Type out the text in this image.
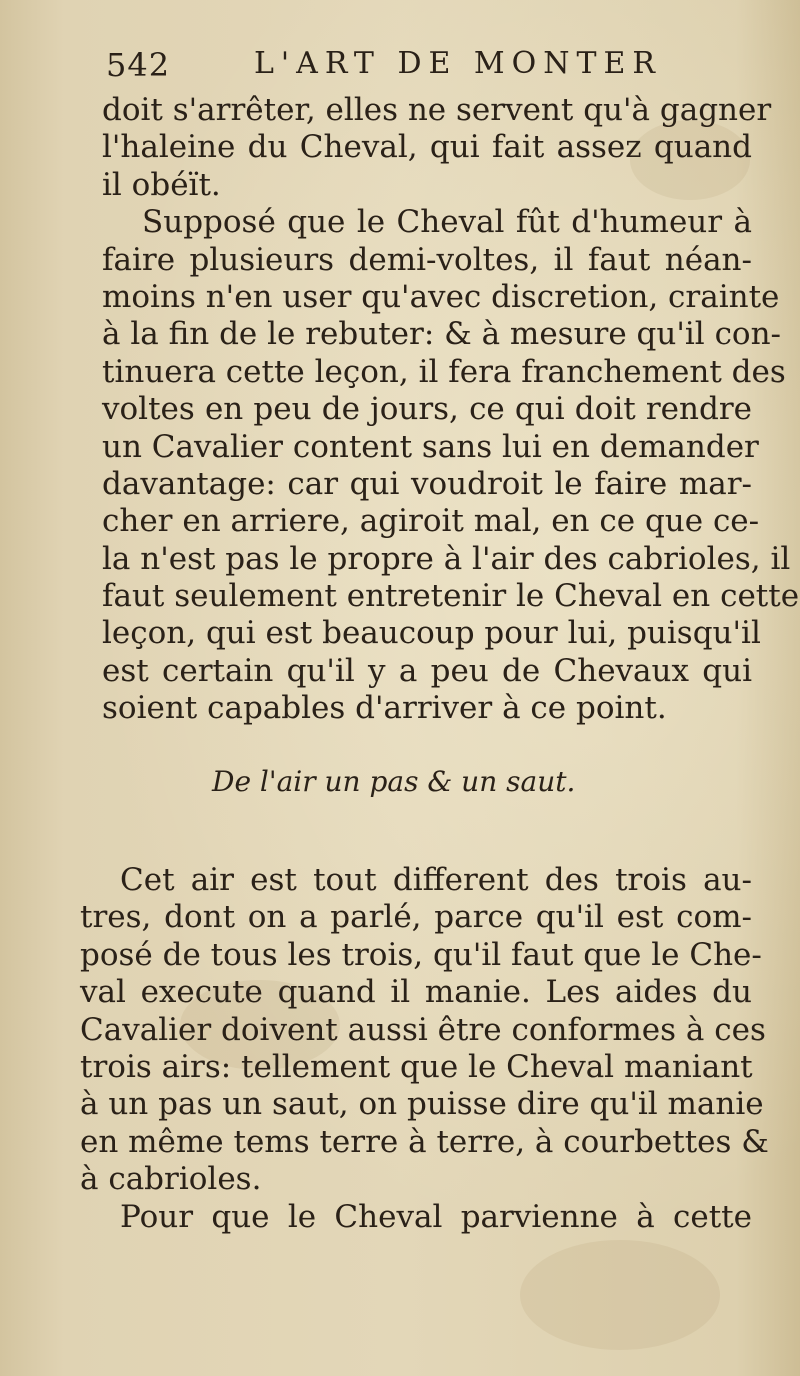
542	L'ART DE MONTER
doit s'arrêter, elles ne servent qu'à gagner
l'haleine du Cheval, qui fait assez quand
il obéït.
Supposé que le Cheval fût d'humeur à
faire plusieurs demi-voltes, il faut néan-
moins n'en user qu'avec discretion, crainte
à la fin de le rebuter: & à mesure qu'il con-
tinuera cette leçon, il fera franchement des
voltes en peu de jours, ce qui doit rendre
un Cavalier content sans lui en demander
davantage: car qui voudroit le faire mar-
cher en arriere, agiroit mal, en ce que ce-
la n'est pas le propre à l'air des cabrioles, il
faut seulement entretenir le Cheval en cette
leçon, qui est beaucoup pour lui, puisqu'il
est certain qu'il y a peu de Chevaux qui
soient capables d'arriver à ce point.
De l'air un pas & un saut.
Cet air est tout different des trois au-
tres, dont on a parlé, parce qu'il est com-
posé de tous les trois, qu'il faut que le Che-
val execute quand il manie. Les aides du
Cavalier doivent aussi être conformes à ces
trois airs: tellement que le Cheval maniant
à un pas un saut, on puisse dire qu'il manie
en même tems terre à terre, à courbettes &
à cabrioles.
Pour que le Cheval parvienne à cette
